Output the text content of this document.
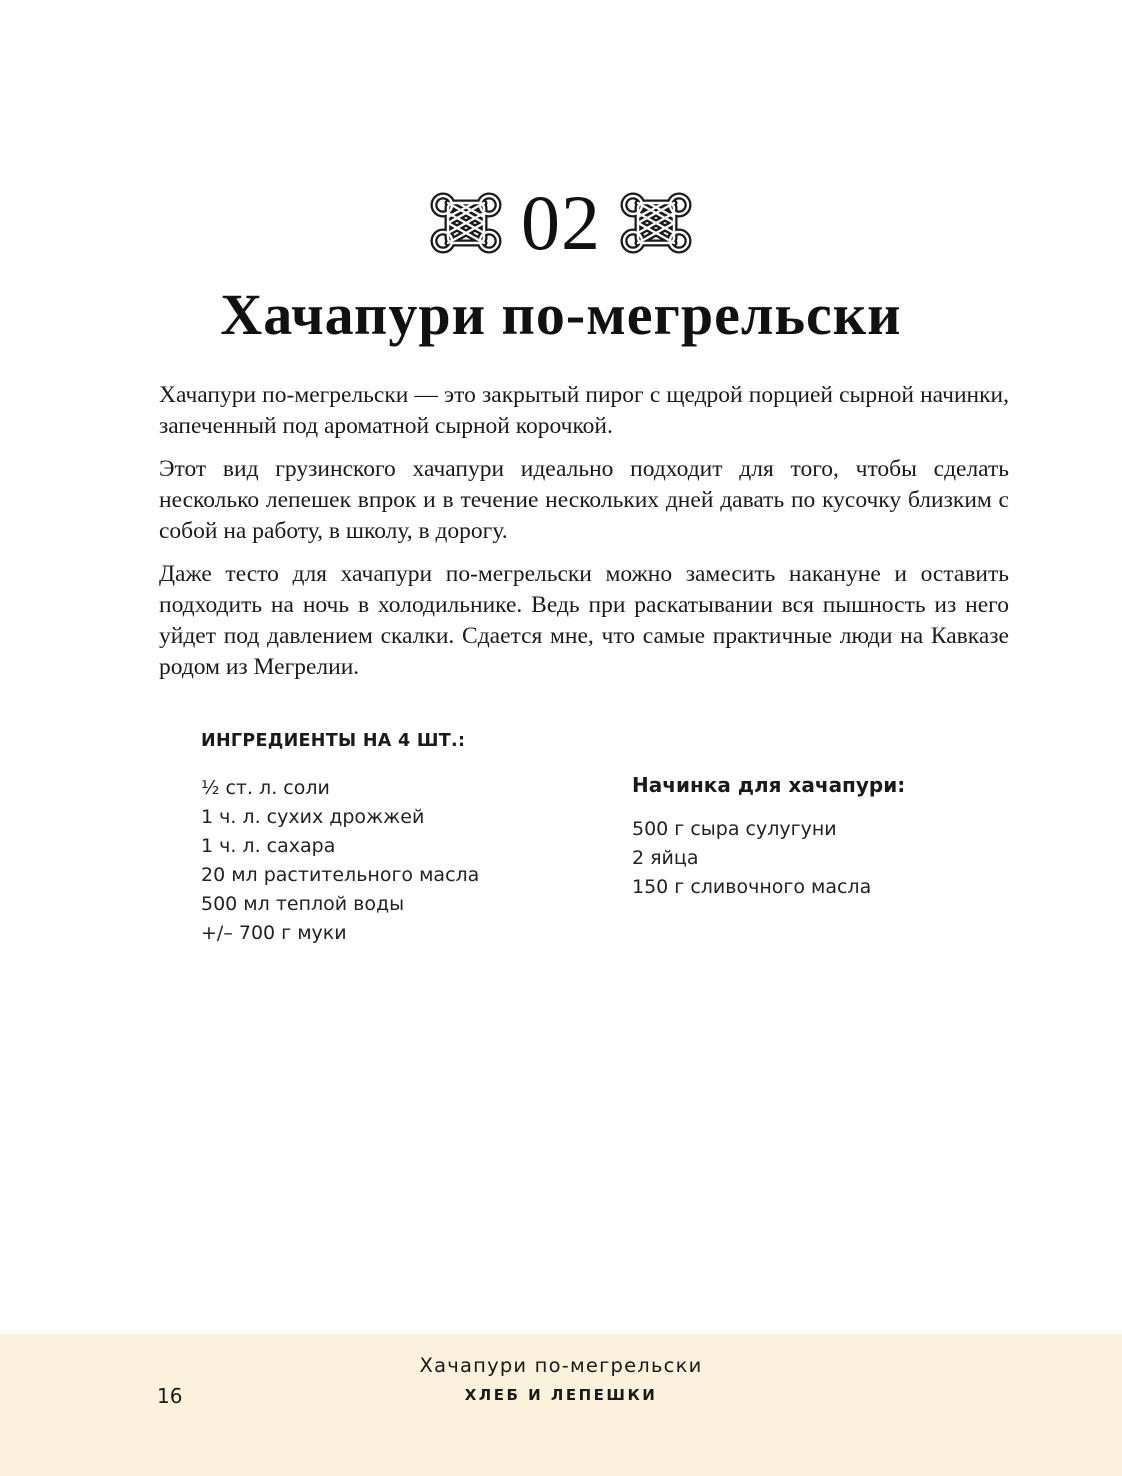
02
Хачапури по-мегрельски

Хачапури по-мегрельски — это закрытый пирог с щедрой порцией сырной начинки, запеченный под ароматной сырной корочкой.

Этот вид грузинского хачапури идеально подходит для того, чтобы сделать несколько лепешек впрок и в течение нескольких дней давать по кусочку близким с собой на работу, в школу, в дорогу.

Даже тесто для хачапури по-мегрельски можно замесить накануне и оставить подходить на ночь в холодильнике. Ведь при раскатывании вся пышность из него уйдет под давлением скалки. Сдается мне, что самые практичные люди на Кавказе родом из Мегрелии.

ИНГРЕДИЕНТЫ НА 4 ШТ.:
½ ст. л. соли
1 ч. л. сухих дрожжей
1 ч. л. сахара
20 мл растительного масла
500 мл теплой воды
+/– 700 г муки
Начинка для хачапури:
500 г сыра сулугуни
2 яйца
150 г сливочного масла
Хачапури по-мегрельски
ХЛЕБ И ЛЕПЕШКИ
16
